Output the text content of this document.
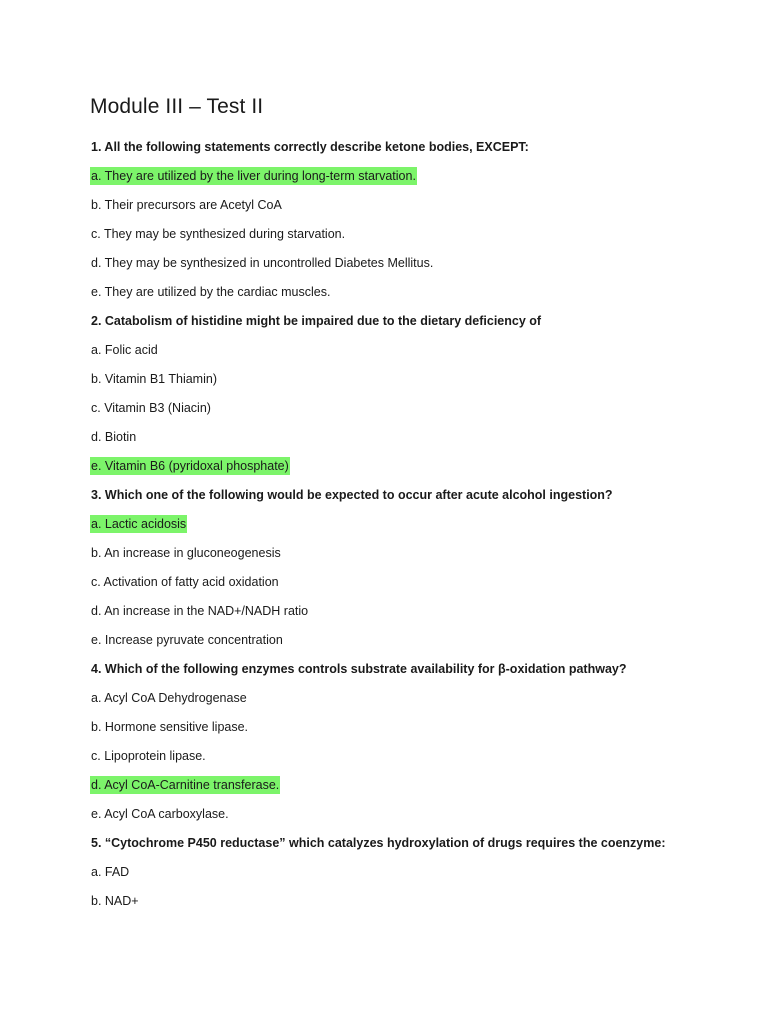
Module III – Test II
1. All the following statements correctly describe ketone bodies, EXCEPT:
a. They are utilized by the liver during long-term starvation.
b. Their precursors are Acetyl CoA
c. They may be synthesized during starvation.
d. They may be synthesized in uncontrolled Diabetes Mellitus.
e. They are utilized by the cardiac muscles.
2. Catabolism of histidine might be impaired due to the dietary deficiency of
a. Folic acid
b. Vitamin B1 Thiamin)
c. Vitamin B3 (Niacin)
d. Biotin
e. Vitamin B6 (pyridoxal phosphate)
3. Which one of the following would be expected to occur after acute alcohol ingestion?
a. Lactic acidosis
b. An increase in gluconeogenesis
c. Activation of fatty acid oxidation
d. An increase in the NAD+/NADH ratio
e. Increase pyruvate concentration
4. Which of the following enzymes controls substrate availability for β-oxidation pathway?
a. Acyl CoA Dehydrogenase
b. Hormone sensitive lipase.
c. Lipoprotein lipase.
d. Acyl CoA-Carnitine transferase.
e. Acyl CoA carboxylase.
5. “Cytochrome P450 reductase” which catalyzes hydroxylation of drugs requires the coenzyme:
a. FAD
b. NAD+
